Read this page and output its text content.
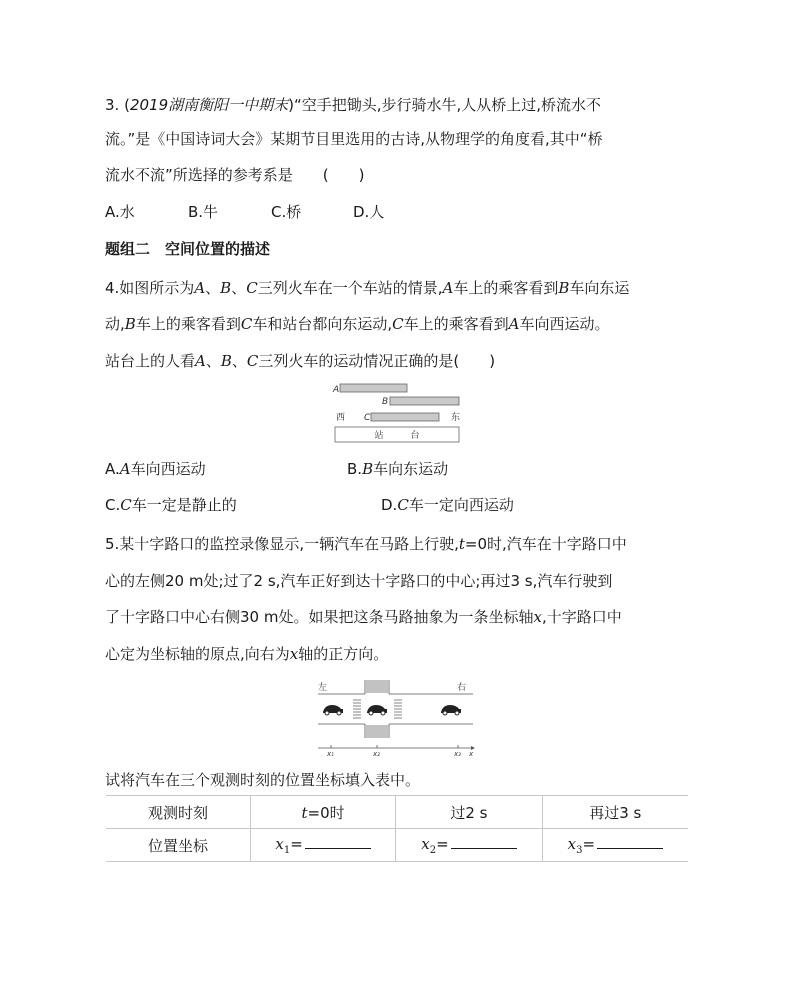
3. (2019湖南衡阳一中期末)“空手把锄头,步行骑水牛,人从桥上过,桥流水不
流。”是《中国诗词大会》某期节目里选用的古诗,从物理学的角度看,其中“桥
流水不流”所选择的参考系是　　(　　)
A.水	B.牛	C.桥	D.人
题组二　空间位置的描述
4.如图所示为A、B、C三列火车在一个车站的情景,A车上的乘客看到B车向东运
动,B车上的乘客看到C车和站台都向东运动,C车上的乘客看到A车向西运动。
站台上的人看A、B、C三列火车的运动情况正确的是(　　)
A
B
西 C	东
站　　　台
A.A车向西运动	B.B车向东运动
C.C车一定是静止的	D.C车一定向西运动
5.某十字路口的监控录像显示,一辆汽车在马路上行驶,t=0时,汽车在十字路口中
心的左侧20 m处;过了2 s,汽车正好到达十字路口的中心;再过3 s,汽车行驶到
了十字路口中心右侧30 m处。如果把这条马路抽象为一条坐标轴x,十字路口中
心定为坐标轴的原点,向右为x轴的正方向。
左	右
x₁	x₂	x₃ x
试将汽车在三个观测时刻的位置坐标填入表中。
观测时刻	t=0时	过2 s	再过3 s
位置坐标	$x_1=$	$x_2=$	$x_3=$
